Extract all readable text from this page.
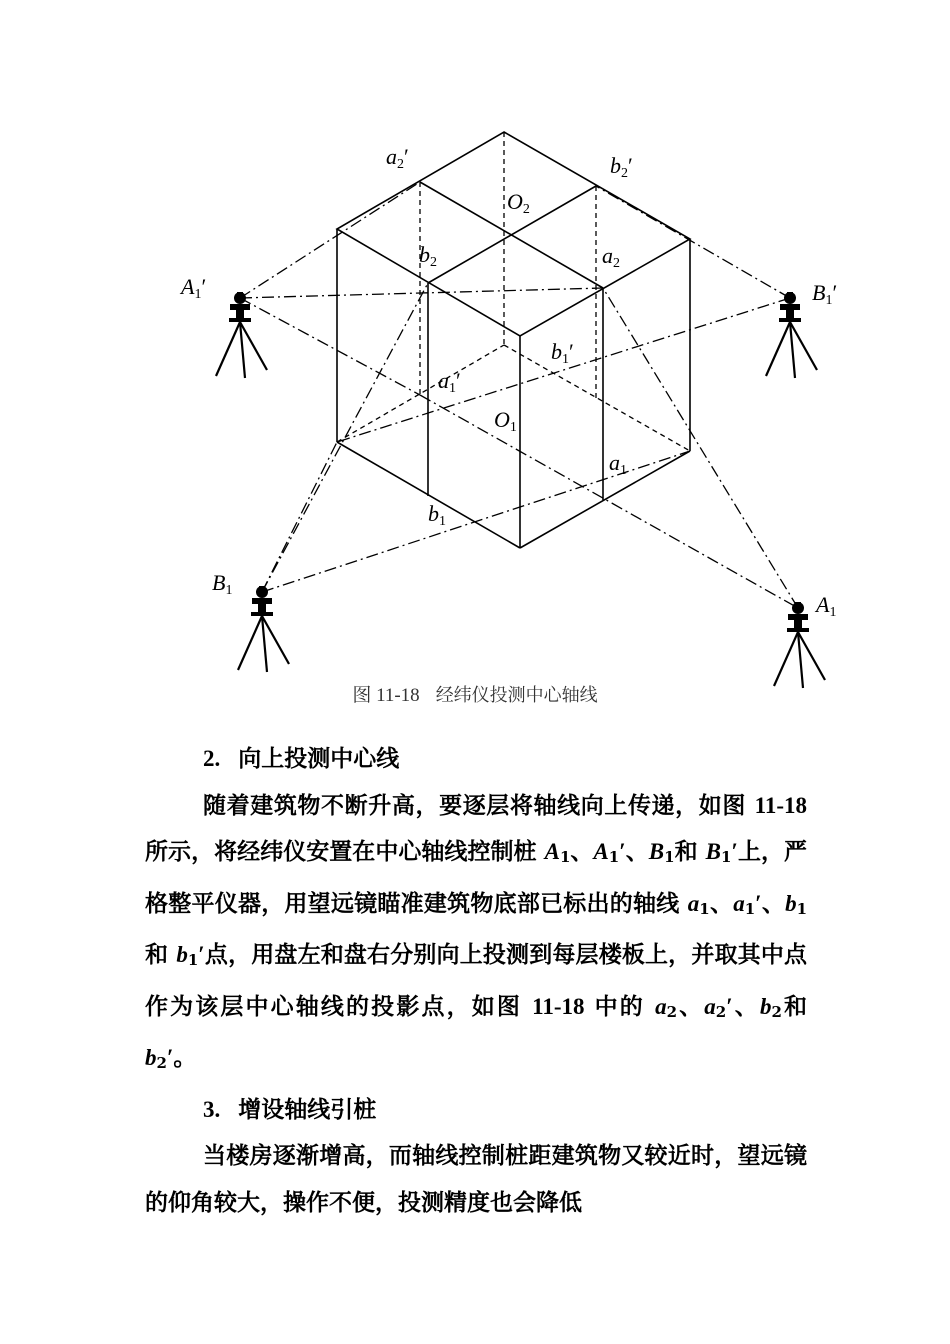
a2′	b2′
O2
b2	a2
A1′	B1′
b1′
a1′
O1
a1
b1
B1
A1
图 11-18 经纬仪投测中心轴线

2. 向上投测中心线

随着建筑物不断升高，要逐层将轴线向上传递，如图 11-18 所示，将经纬仪安置在中心轴线控制桩 A1、A1′、B1和 B1′上，严格整平仪器，用望远镜瞄准建筑物底部已标出的轴线 a1、a1′、b1和 b1′点，用盘左和盘右分别向上投测到每层楼板上，并取其中点作为该层中心轴线的投影点，如图 11-18 中的 a2、a2′、b2和 b2′。

3. 增设轴线引桩

当楼房逐渐增高，而轴线控制桩距建筑物又较近时，望远镜的仰角较大，操作不便，投测精度也会降低
